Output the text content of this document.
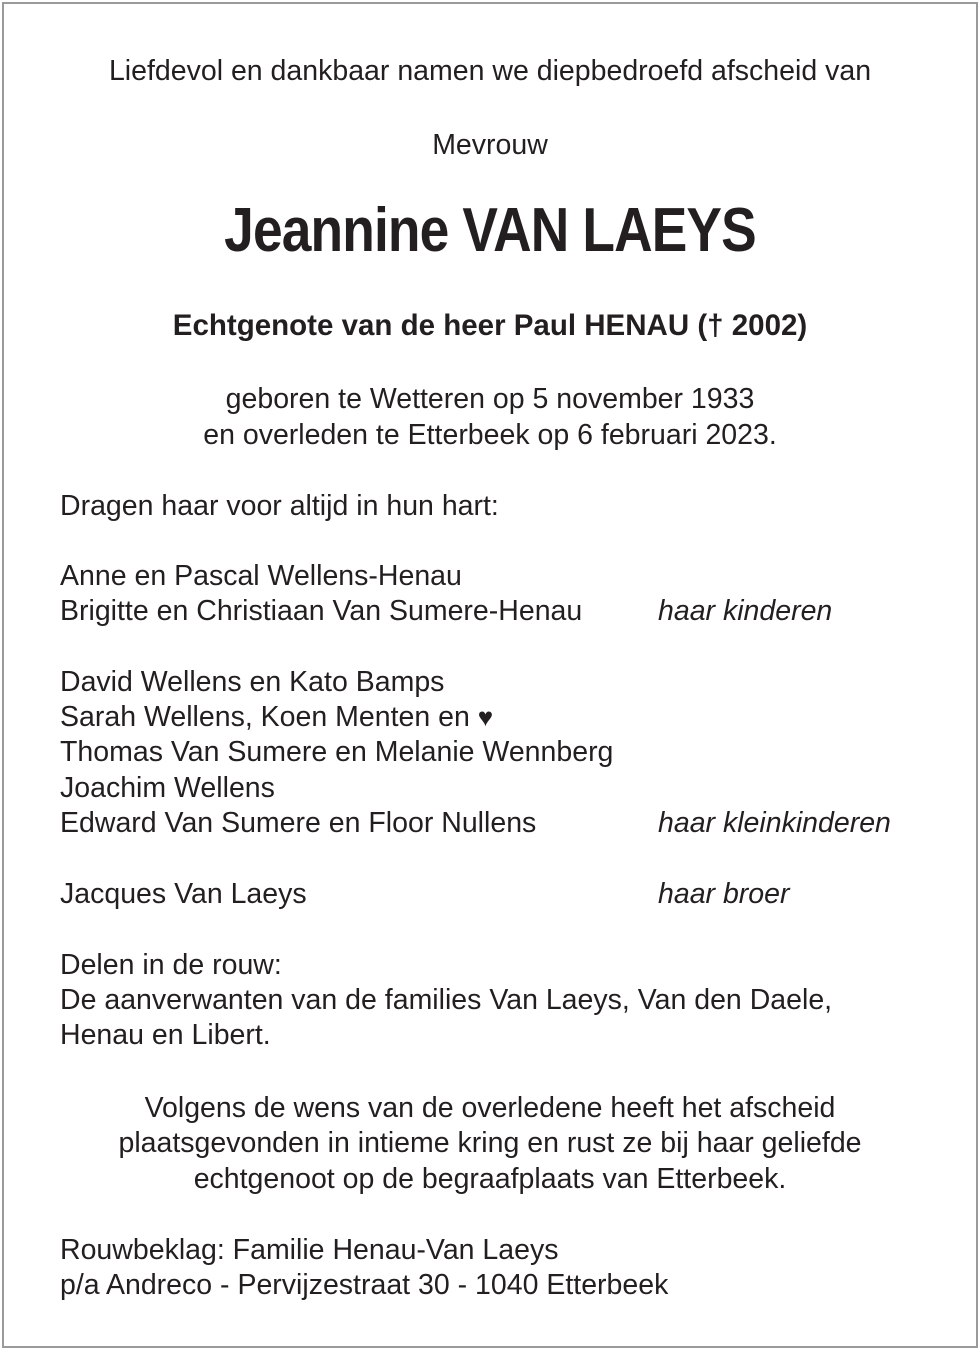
Liefdevol en dankbaar namen we diepbedroefd afscheid van
Mevrouw
Jeannine VAN LAEYS
Echtgenote van de heer Paul HENAU († 2002)
geboren te Wetteren op 5 november 1933
en overleden te Etterbeek op 6 februari 2023.
Dragen haar voor altijd in hun hart:
Anne en Pascal Wellens-Henau
Brigitte en Christiaan Van Sumere-Henau	haar kinderen
David Wellens en Kato Bamps
Sarah Wellens, Koen Menten en ♥
Thomas Van Sumere en Melanie Wennberg
Joachim Wellens
Edward Van Sumere en Floor Nullens	haar kleinkinderen
Jacques Van Laeys	haar broer
Delen in de rouw:
De aanverwanten van de families Van Laeys, Van den Daele,
Henau en Libert.
Volgens de wens van de overledene heeft het afscheid
plaatsgevonden in intieme kring en rust ze bij haar geliefde
echtgenoot op de begraafplaats van Etterbeek.
Rouwbeklag: Familie Henau-Van Laeys
p/a Andreco - Pervijzestraat 30 - 1040 Etterbeek
